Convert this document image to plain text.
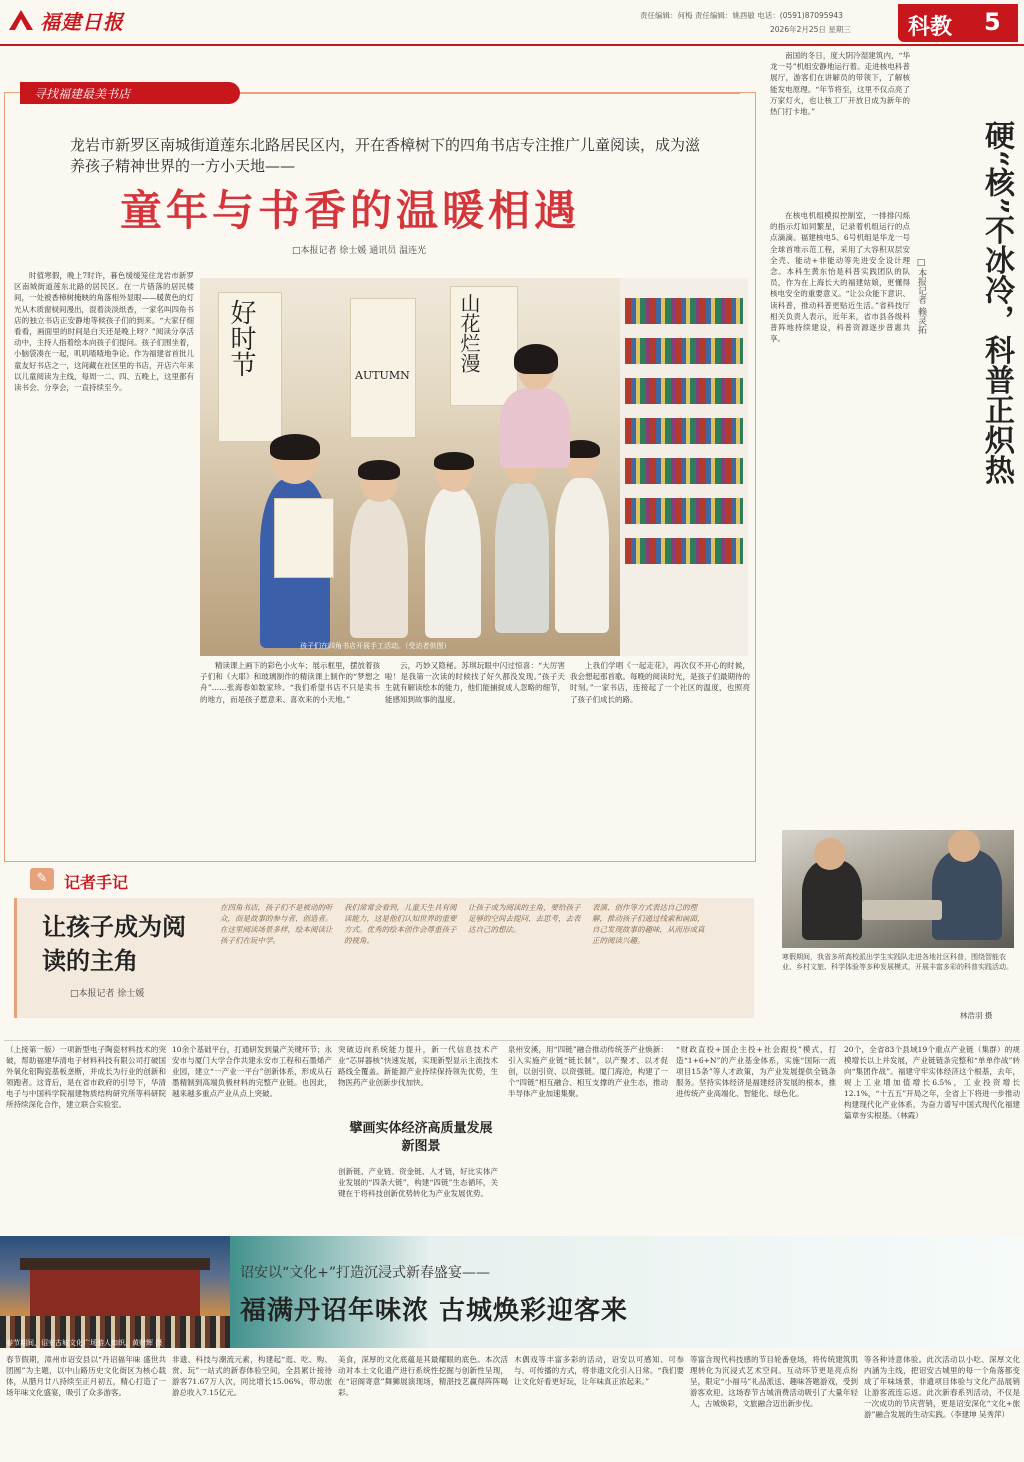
福建日报	责任编辑：何梅 责任编辑：姚酉敏 电话：(0591)87095943
2026年2月25日 星期三	科教 5
寻找福建最美书店
龙岩市新罗区南城街道莲东北路居民区内，开在香樟树下的四角书店专注推广儿童阅读，成为滋养孩子精神世界的一方小天地——
童年与书香的温暖相遇
□本报记者 徐士媛 通讯员 温连光
好时节	山花烂漫
AUTUMN
孩子们在四角书店开展手工活动。（受访者供图）

时值寒假，晚上7时许，暮色缓缓笼住龙岩市新罗区南城街道莲东北路的居民区。在一片错落的居民楼间，一处被香樟树掩映的角落相外显眼——暖黄色的灯光从木质窗棂间漫出，混着淡淡纸香，一家名叫四角书店的独立书店正安静地等候孩子们的到来。“大家仔细看看，画面里的时间是白天还是晚上呀？”阅读分享活动中，主持人指着绘本向孩子们提问。孩子们围坐着，小脑袋凑在一起，叽叽喳喳地争论。作为福建省首批儿童友好书店之一，这间藏在社区里的书店，开店六年来以儿童阅读为主线，每周一二、四、五晚上，这里都有读书会、分享会，一直持续至今。

精读课上画下的彩色小火车；展示框里，摆放着孩子们和《大耶》和玻璃制作的精读课上制作的“梦想之舟”……张海春如数家珍。“我们希望书店不只是卖书的地方，而是孩子愿意来、喜欢来的小天地。”

云，巧妙又隐秘。苏琪玩眼中闪过惊喜：“大厉害啦！是我第一次读的时候找了好久都没发现。”孩子天生就有解读绘本的能力，他们能捕捉成人忽略的细节，能感知到故事的温度。

上我们学唱《一起走花》，再次仅不开心的时候，我会想起那首歌。每晚的阅读时光，是孩子们最期待的时刻。”一家书店，连接起了一个社区的温度，也照亮了孩子们成长的路。

✎	记者手记
让孩子成为阅读的主角
□本报记者 徐士媛
在四角书店，孩子们不是被动的听众，而是故事的参与者、创造者。在这里阅读场景多样，绘本阅读让孩子们在玩中学。
我们常常会看到，儿童天生具有阅读能力，这是他们认知世界的重要方式。优秀的绘本创作会尊重孩子的视角。
让孩子成为阅读的主角，要给孩子足够的空间去提问、去思考，去表达自己的想法。
表演、创作等方式表达自己的理解，推动孩子们通过线索和画面，自己发现故事的趣味，从而形成真正的阅读兴趣。

南国的冬日，度大阴冷湿建筑内，“华龙一号”机组安静地运行着。走进核电科普展厅，游客们在讲解员的带领下，了解核能发电原理。“年节将至，这里不仅点亮了万家灯火，也让核工厂开放日成为新年的热门打卡地。”

在核电机组模拟控制室，一排排闪烁的指示灯如同繁星，记录着机组运行的点点滴滴。福建核电5、6号机组是华龙一号全球首堆示范工程，采用了大容积双层安全壳、能动+非能动等先进安全设计理念。本科生黄东怡是科普实践团队的队员，作为在上海长大的福建姑娘，更懂得核电安全的重要意义。“让公众能下意识、读科普，推动科普更贴近生活。”省科技厅相关负责人表示，近年来，省市县各级科普阵地持续建设，科普资源逐步普惠共享。	硬“核”不冰冷，科普正炽热
□本报记者 赖灵拓
寒假期间，我省多所高校派出学生实践队走进各地社区科普，围绕智能农业、乡村文旅、科学体验等多种发展模式，开展丰富多彩的科普实践活动。
林浩羽 摄
（上接第一版）一项新型电子陶瓷材料技术的突破，帮助福建华清电子材料科技有限公司打破国外氧化铝陶瓷基板垄断，并成长为行业的创新和领跑者。这背后，是在省市政府的引导下，华清电子与中国科学院福建物质结构研究所等科研院所持续深化合作，建立联合实验室。
10余个基础平台，打通研发到量产关键环节；永安市与厦门大学合作共建永安市工程和石墨烯产业园，建立“一产业一平台”创新体系，形成从石墨精制到高端负极材料的完整产业链。也因此，越来越多重点产业从点上突破。
突破迈向系统能力提升，新一代信息技术产业“芯屏器核”快速发展，实现新型显示主流技术路线全覆盖。新能源产业持续保持领先优势，生物医药产业创新步伐加快。
擘画实体经济高质量发展新图景
创新链、产业链、资金链、人才链，好比实体产业发展的“四条大链”，构建“四链”生态循环，关键在于将科技创新优势转化为产业发展优势。
泉州安溪，用“四链”融合推动传统茶产业焕新：引入实施产业链“链长制”，以产聚才、以才促创，以创引资、以资强链。厦门海沧，构建了一个“四链”相互融合、相互支撑的产业生态，推动半导体产业加速集聚。
“财政直投+国企主投+社会跟投”模式，打造“1+6+N”的产业基金体系，实施“国际一流项目15条”等人才政策，为产业发展提供全链条服务。坚持实体经济是福建经济发展的根本，推进传统产业高端化、智能化、绿色化。
20个，全省83个县域19个重点产业链（集群）的规模增长以上并发展，产业链链条完整和“单单作战”转向“集团作战”。福建守牢实体经济这个根基，去年，规上工业增加值增长6.5%，工业投资增长12.1%，“十五五”开局之年，全省上下将进一步推动构建现代化产业体系，为奋力谱写中国式现代化福建篇章夯实根基。（林霞）
春节期间，诏安古城文化广场游人如织。黄财辉 摄
诏安以“文化+”打造沉浸式新春盛宴——
福满丹诏年味浓 古城焕彩迎客来
春节假期，漳州市诏安县以“丹诏福年味 盛世共团圆”为主题，以中山路历史文化街区为核心载体，从腊月廿八持续至正月初五，精心打造了一场年味文化盛宴，吸引了众多游客。
非遗、科技与潮流元素，构建起“逛、吃、购、赏、玩”一站式的新春体验空间，全县累计接待游客71.67万人次，同比增长15.06%，带动旅游总收入7.15亿元。
美食，深厚的文化底蕴是其最耀眼的底色。本次活动对本土文化遗产进行系统性挖掘与创新性呈现，在“诏阁寄意”舞狮展演现场，精湛技艺赢得阵阵喝彩。
木偶戏等丰富多彩的活动，诏安以可感知、可参与、可传播的方式，将非遗文化引入日常。“我们要让文化好看更好玩，让年味真正浓起来。”
等富含现代科技感的节目轮番登场，将传统建筑肌理转化为沉浸式艺术空间。互动环节更是亮点纷呈，限定“小福马”礼品派送、趣味答题游戏，受到游客欢迎。这场春节古城消费活动吸引了大量年轻人，古城焕彩，文旅融合迈出新步伐。
等各种诗意体验。此次活动以小吃、深厚文化内涵为主线，把诏安古城里的每一个角落都变成了年味场景，非遗项目体验与文化产品展销让游客流连忘返。此次新春系列活动，不仅是一次成功的节庆营销，更是诏安深化“文化+旅游”融合发展的生动实践。（李建坤 吴秀萍）
